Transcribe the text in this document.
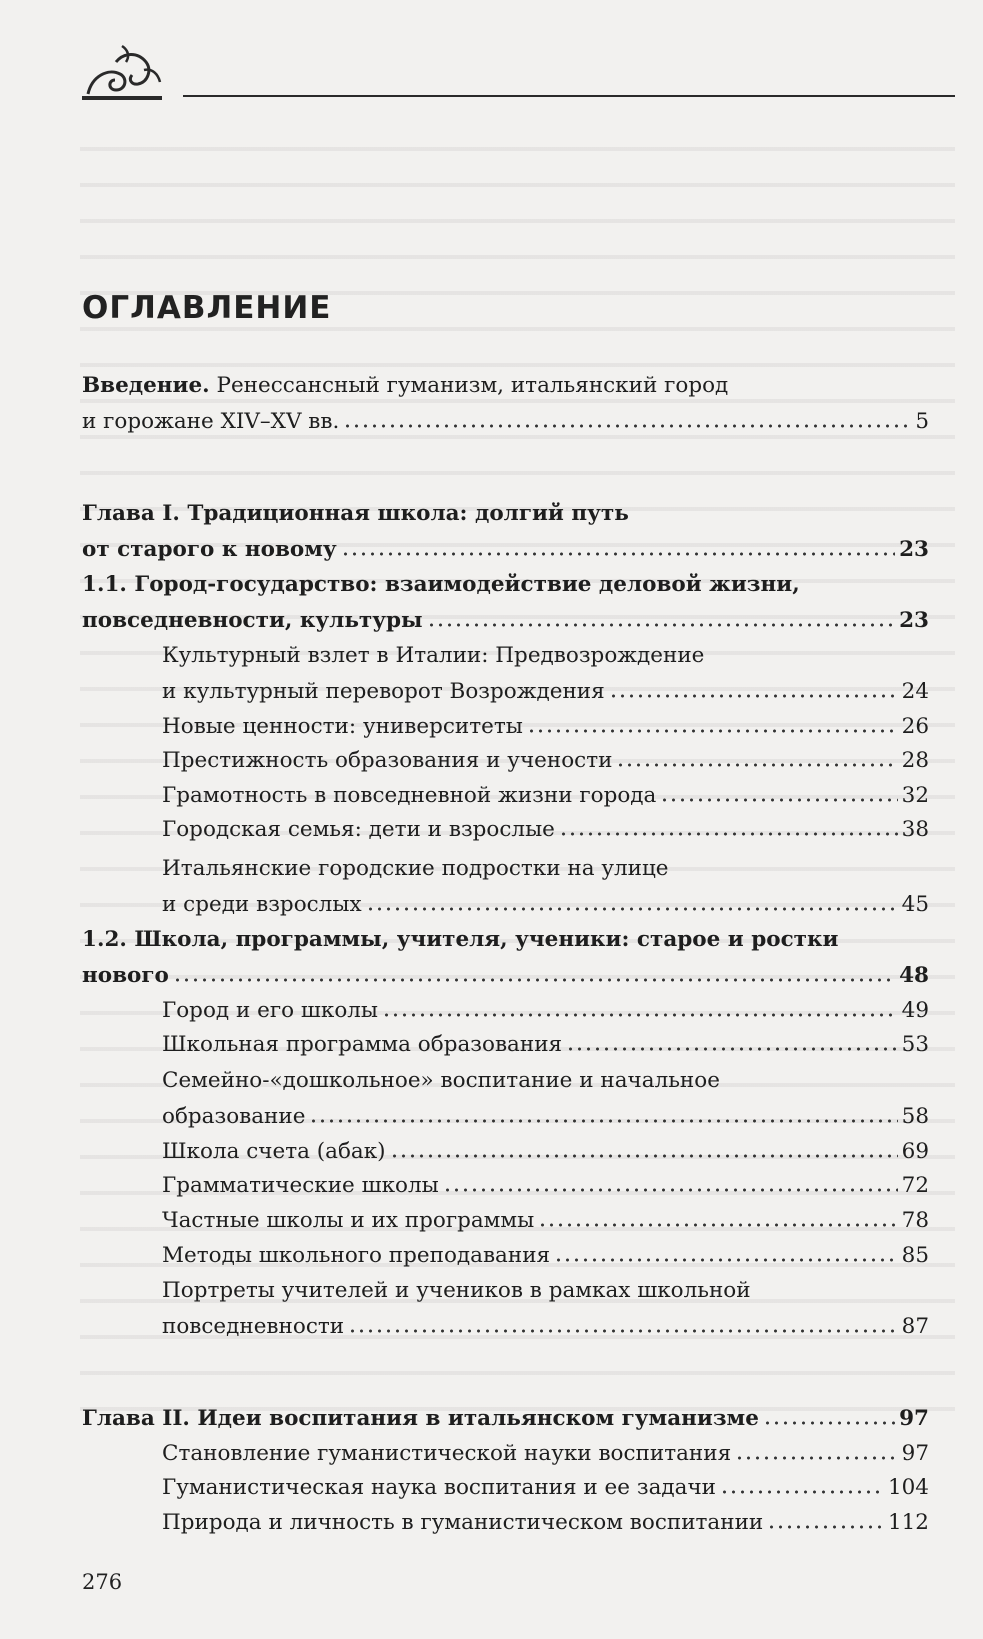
ОГЛАВЛЕНИЕ
Введение. Ренессансный гуманизм, итальянский город
и горожане XIV–XV вв.	5
Глава I. Традиционная школа: долгий путь
от старого к новому	23
1.1. Город-государство: взаимодействие деловой жизни,
повседневности, культуры	23
Культурный взлет в Италии: Предвозрождение
и культурный переворот Возрождения	24
Новые ценности: университеты	26
Престижность образования и учености	28
Грамотность в повседневной жизни города	32
Городская семья: дети и взрослые	38
Итальянские городские подростки на улице
и среди взрослых	45
1.2. Школа, программы, учителя, ученики: старое и ростки
нового	48
Город и его школы	49
Школьная программа образования	53
Семейно-«дошкольное» воспитание и начальное
образование	58
Школа счета (абак)	69
Грамматические школы	72
Частные школы и их программы	78
Методы школьного преподавания	85
Портреты учителей и учеников в рамках школьной
повседневности	87
Глава II. Идеи воспитания в итальянском гуманизме	97
Становление гуманистической науки воспитания	97
Гуманистическая наука воспитания и ее задачи	104
Природа и личность в гуманистическом воспитании	112
276
